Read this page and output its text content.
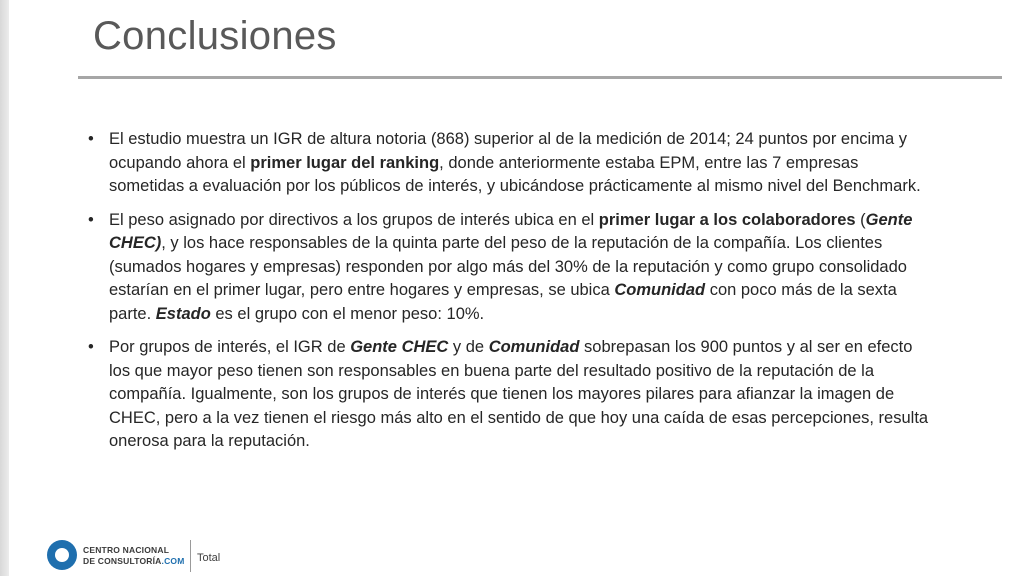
Conclusiones
• El estudio muestra un IGR de altura notoria (868) superior al de la medición de 2014; 24 puntos por encima y ocupando ahora el primer lugar del ranking, donde anteriormente estaba EPM, entre las 7 empresas sometidas a evaluación por los públicos de interés, y ubicándose prácticamente al mismo nivel del Benchmark.
• El peso asignado por directivos a los grupos de interés ubica en el primer lugar a los colaboradores (Gente CHEC), y los hace responsables de la quinta parte del peso de la reputación de la compañía. Los clientes (sumados hogares y empresas) responden por algo más del 30% de la reputación y como grupo consolidado estarían en el primer lugar, pero entre hogares y empresas, se ubica Comunidad con poco más de la sexta parte. Estado es el grupo con el menor peso: 10%.
• Por grupos de interés, el IGR de Gente CHEC y de Comunidad sobrepasan los 900 puntos y al ser en efecto los que mayor peso tienen son responsables en buena parte del resultado positivo de la reputación de la compañía. Igualmente, son los grupos de interés que tienen los mayores pilares para afianzar la imagen de CHEC, pero a la vez tienen el riesgo más alto en el sentido de que hoy una caída de esas percepciones, resulta onerosa para la reputación.
CENTRO NACIONAL
DE CONSULTORÍA.COM Total
